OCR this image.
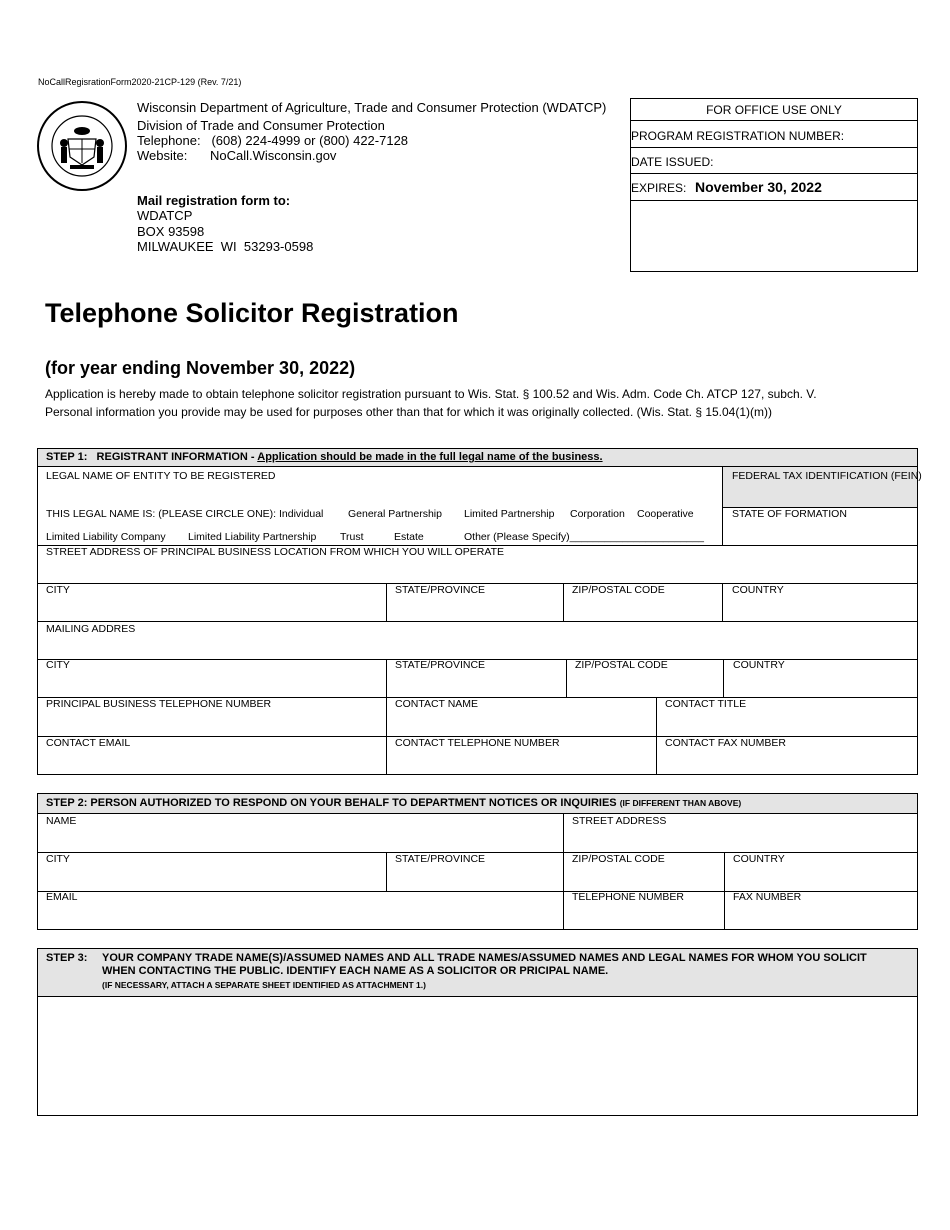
NoCallRegisrationForm2020-21CP-129 (Rev. 7/21)
Wisconsin Department of Agriculture, Trade and Consumer Protection (WDATCP)
Division of Trade and Consumer Protection
Telephone:   (608) 224-4999 or (800) 422-7128
Website: NoCall.Wisconsin.gov
Mail registration form to:
WDATCP
BOX 93598
MILWAUKEE  WI  53293-0598
FOR OFFICE USE ONLY
PROGRAM REGISTRATION NUMBER:
DATE ISSUED:
EXPIRES: November 30, 2022
Telephone Solicitor Registration
(for year ending November 30, 2022)
Application is hereby made to obtain telephone solicitor registration pursuant to Wis. Stat. § 100.52 and Wis. Adm. Code Ch. ATCP 127, subch. V.
Personal information you provide may be used for purposes other than that for which it was originally collected. (Wis. Stat. § 15.04(1)(m))
STEP 1:   REGISTRANT INFORMATION - Application should be made in the full legal name of the business.
LEGAL NAME OF ENTITY TO BE REGISTERED	FEDERAL TAX IDENTIFICATION (FEIN)
THIS LEGAL NAME IS: (PLEASE CIRCLE ONE): Individual General Partnership Limited Partnership Corporation Cooperative	STATE OF FORMATION
Limited Liability Company Limited Liability Partnership Trust	Estate	Other (Please Specify)_______________________
STREET ADDRESS OF PRINCIPAL BUSINESS LOCATION FROM WHICH YOU WILL OPERATE
CITY	STATE/PROVINCE	ZIP/POSTAL CODE	COUNTRY
MAILING ADDRES
CITY	STATE/PROVINCE	ZIP/POSTAL CODE	COUNTRY
PRINCIPAL BUSINESS TELEPHONE NUMBER	CONTACT NAME	CONTACT TITLE
CONTACT EMAIL	CONTACT TELEPHONE NUMBER	CONTACT FAX NUMBER
STEP 2: PERSON AUTHORIZED TO RESPOND ON YOUR BEHALF TO DEPARTMENT NOTICES OR INQUIRIES (IF DIFFERENT THAN ABOVE)
NAME	STREET ADDRESS
CITY	STATE/PROVINCE	ZIP/POSTAL CODE	COUNTRY
EMAIL	TELEPHONE NUMBER	FAX NUMBER
STEP 3: YOUR COMPANY TRADE NAME(S)/ASSUMED NAMES AND ALL TRADE NAMES/ASSUMED NAMES AND LEGAL NAMES FOR WHOM YOU SOLICIT
WHEN CONTACTING THE PUBLIC. IDENTIFY EACH NAME AS A SOLICITOR OR PRICIPAL NAME.
(IF NECESSARY, ATTACH A SEPARATE SHEET IDENTIFIED AS ATTACHMENT 1.)
